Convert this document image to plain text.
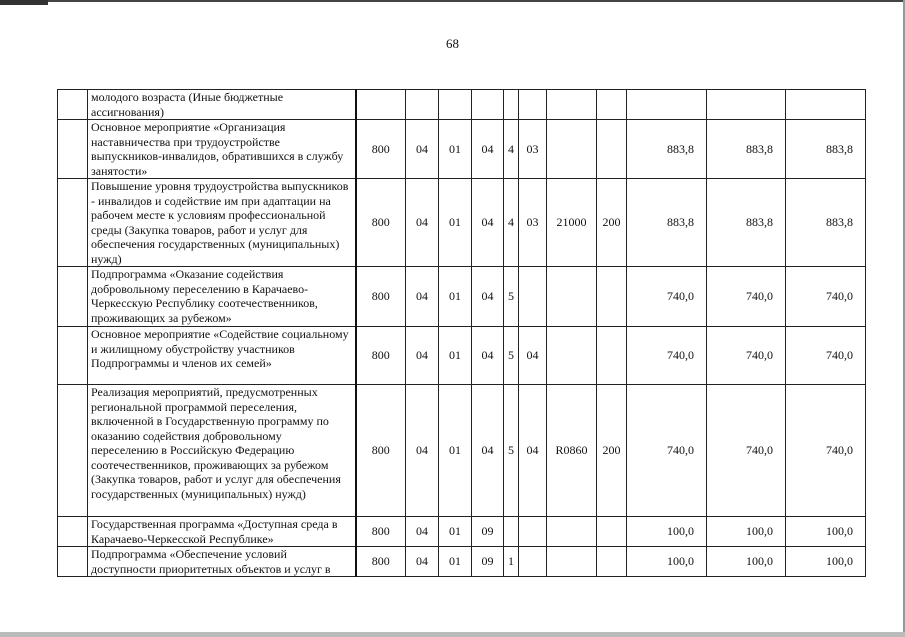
68
	молодого возраста (Иные бюджетные ассигнования)											
	Основное мероприятие «Организация наставничества при трудоустройстве выпускников-инвалидов, обратившихся в службу занятости»	800	04	01	04	4	03			883,8	883,8	883,8
	Повышение уровня трудоустройства выпускников - инвалидов и содействие им при адаптации на рабочем месте к условиям профессиональной среды (Закупка товаров, работ и услуг для обеспечения государственных (муниципальных) нужд)	800	04	01	04	4	03	21000	200	883,8	883,8	883,8
	Подпрограмма «Оказание содействия добровольному переселению в Карачаево-Черкесскую Республику соотечественников, проживающих за рубежом»	800	04	01	04	5				740,0	740,0	740,0
	Основное мероприятие «Содействие социальному и жилищному обустройству участников Подпрограммы и членов их семей»	800	04	01	04	5	04			740,0	740,0	740,0
	Реализация мероприятий, предусмотренных региональной программой переселения, включенной в Государственную программу по оказанию содействия добровольному переселению в Российскую Федерацию соотечественников, проживающих за рубежом (Закупка товаров, работ и услуг для обеспечения государственных (муниципальных) нужд)	800	04	01	04	5	04	R0860	200	740,0	740,0	740,0
	Государственная программа «Доступная среда в Карачаево-Черкесской Республике»	800	04	01	09					100,0	100,0	100,0
	Подпрограмма «Обеспечение условий доступности приоритетных объектов и услуг в	800	04	01	09	1				100,0	100,0	100,0
